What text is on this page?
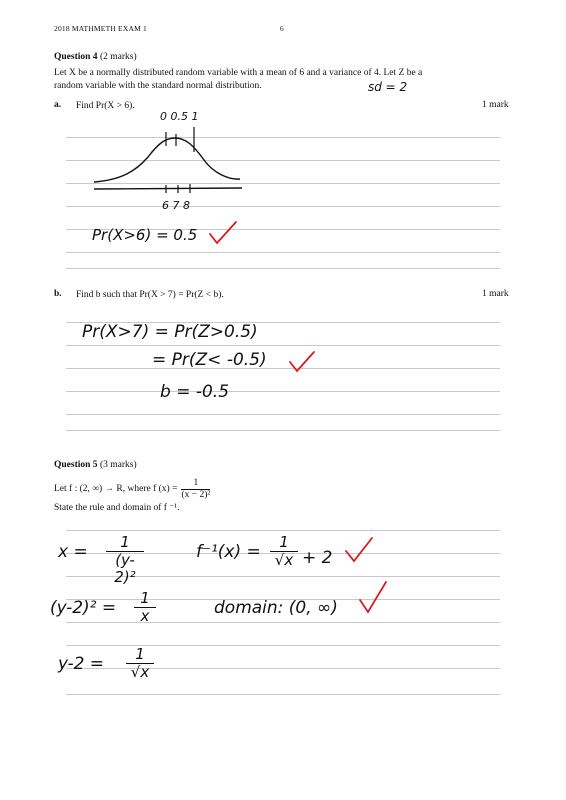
2018 MATHMETH EXAM 1	6
Question 4 (2 marks)
Let X be a normally distributed random variable with a mean of 6 and a variance of 4. Let Z be a
random variable with the standard normal distribution.	sd = 2
a. Find Pr(X > 6).	1 mark
0 0.5 1
6 7 8
Pr(X>6) = 0.5
b. Find b such that Pr(X > 7) = Pr(Z < b).	1 mark
Pr(X>7) = Pr(Z>0.5)
= Pr(Z< -0.5)
b = -0.5
Question 5 (3 marks)
Let f : (2, ∞) → R, where f $(x) = \frac{1}{\text{(x − 2)²}}$
State the rule and domain of f ⁻¹.
$x = \frac{1}{\text{(y-2)²}}$
$(y-2)^2 = \frac{1}{x}$
$y-2 = \frac{1}{√x}$
$f^{-1}(x) = \frac{1}{√x} + 2$
domain: (0, ∞)
